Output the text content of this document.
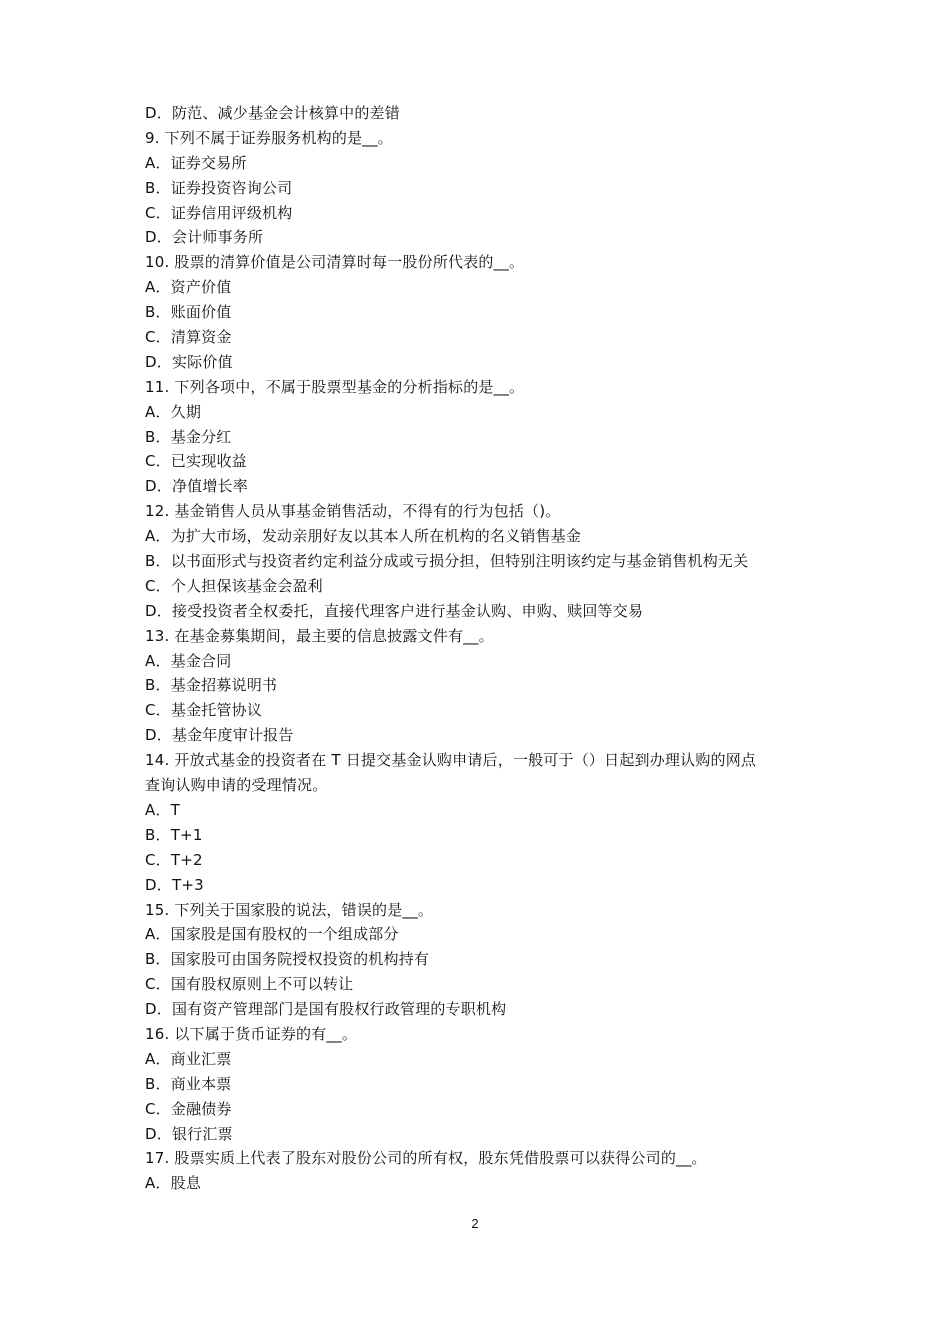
D．防范、减少基金会计核算中的差错
9. 下列不属于证券服务机构的是__。
A．证券交易所
B．证券投资咨询公司
C．证券信用评级机构
D．会计师事务所
10. 股票的清算价值是公司清算时每一股份所代表的__。
A．资产价值
B．账面价值
C．清算资金
D．实际价值
11. 下列各项中，不属于股票型基金的分析指标的是__。
A．久期
B．基金分红
C．已实现收益
D．净值增长率
12. 基金销售人员从事基金销售活动，不得有的行为包括（)。
A．为扩大市场，发动亲朋好友以其本人所在机构的名义销售基金
B．以书面形式与投资者约定利益分成或亏损分担，但特别注明该约定与基金销售机构无关
C．个人担保该基金会盈利
D．接受投资者全权委托，直接代理客户进行基金认购、申购、赎回等交易
13. 在基金募集期间，最主要的信息披露文件有__。
A．基金合同
B．基金招募说明书
C．基金托管协议
D．基金年度审计报告
14. 开放式基金的投资者在 T 日提交基金认购申请后，一般可于（）日起到办理认购的网点
查询认购申请的受理情况。
A．T
B．T+1
C．T+2
D．T+3
15. 下列关于国家股的说法，错误的是__。
A．国家股是国有股权的一个组成部分
B．国家股可由国务院授权投资的机构持有
C．国有股权原则上不可以转让
D．国有资产管理部门是国有股权行政管理的专职机构
16. 以下属于货币证券的有__。
A．商业汇票
B．商业本票
C．金融债券
D．银行汇票
17. 股票实质上代表了股东对股份公司的所有权，股东凭借股票可以获得公司的__。
A．股息
2
